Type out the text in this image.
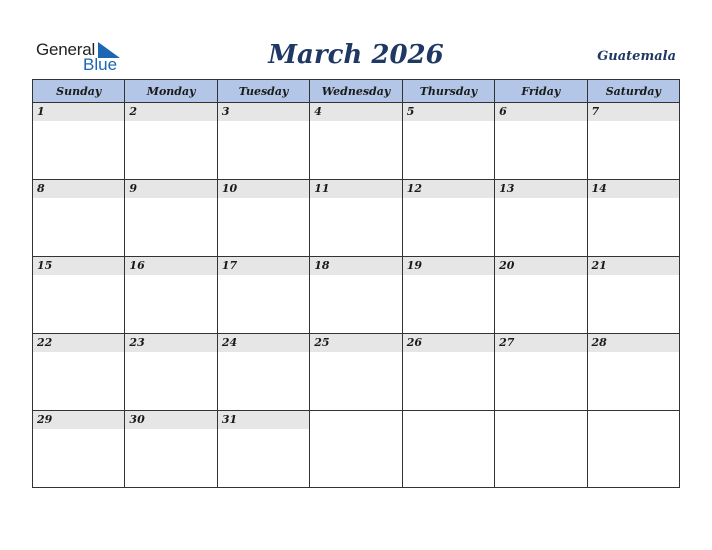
General
Blue	March 2026	Guatemala
Sunday	Monday	Tuesday	Wednesday	Thursday	Friday	Saturday

1	2	3	4	5	6	7

8	9	10	11	12	13	14

15	16	17	18	19	20	21

22	23	24	25	26	27	28

29	30	31				
